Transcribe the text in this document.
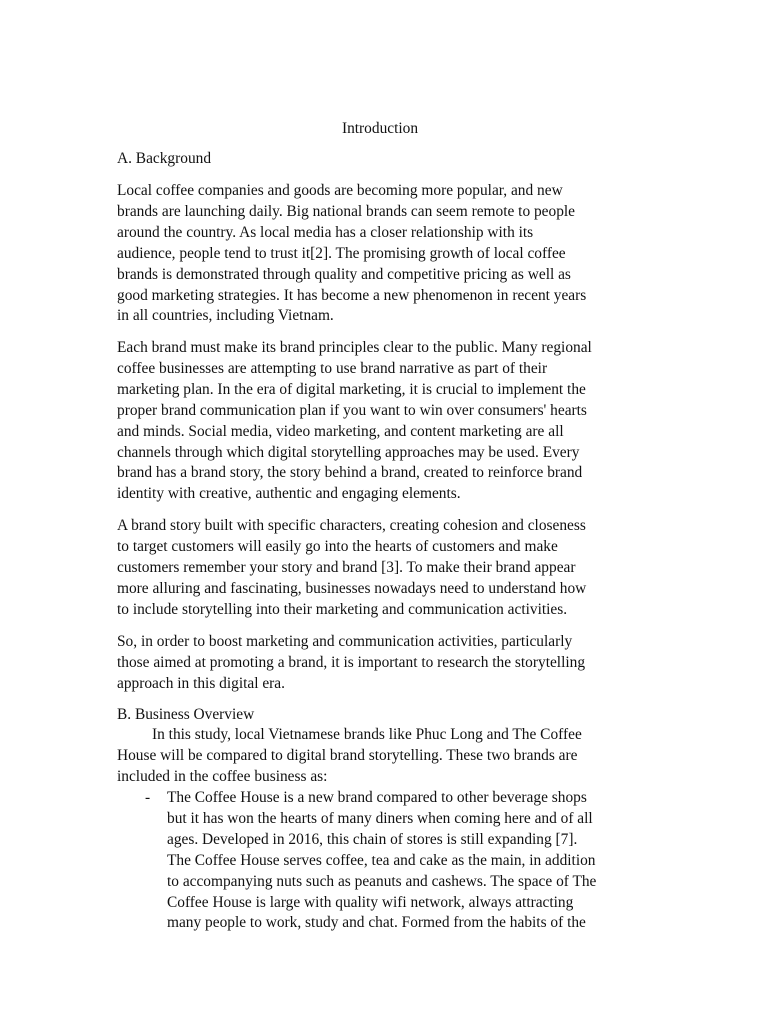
Introduction

A. Background

Local coffee companies and goods are becoming more popular, and new
brands are launching daily. Big national brands can seem remote to people
around the country. As local media has a closer relationship with its
audience, people tend to trust it[2]. The promising growth of local coffee
brands is demonstrated through quality and competitive pricing as well as
good marketing strategies. It has become a new phenomenon in recent years
in all countries, including Vietnam.

Each brand must make its brand principles clear to the public. Many regional
coffee businesses are attempting to use brand narrative as part of their
marketing plan. In the era of digital marketing, it is crucial to implement the
proper brand communication plan if you want to win over consumers' hearts
and minds. Social media, video marketing, and content marketing are all
channels through which digital storytelling approaches may be used. Every
brand has a brand story, the story behind a brand, created to reinforce brand
identity with creative, authentic and engaging elements.

A brand story built with specific characters, creating cohesion and closeness
to target customers will easily go into the hearts of customers and make
customers remember your story and brand [3]. To make their brand appear
more alluring and fascinating, businesses nowadays need to understand how
to include storytelling into their marketing and communication activities.

So, in order to boost marketing and communication activities, particularly
those aimed at promoting a brand, it is important to research the storytelling
approach in this digital era.

B. Business Overview

In this study, local Vietnamese brands like Phuc Long and The Coffee
House will be compared to digital brand storytelling. These two brands are
included in the coffee business as:

- The Coffee House is a new brand compared to other beverage shops
but it has won the hearts of many diners when coming here and of all
ages. Developed in 2016, this chain of stores is still expanding [7].
The Coffee House serves coffee, tea and cake as the main, in addition
to accompanying nuts such as peanuts and cashews. The space of The
Coffee House is large with quality wifi network, always attracting
many people to work, study and chat. Formed from the habits of the
